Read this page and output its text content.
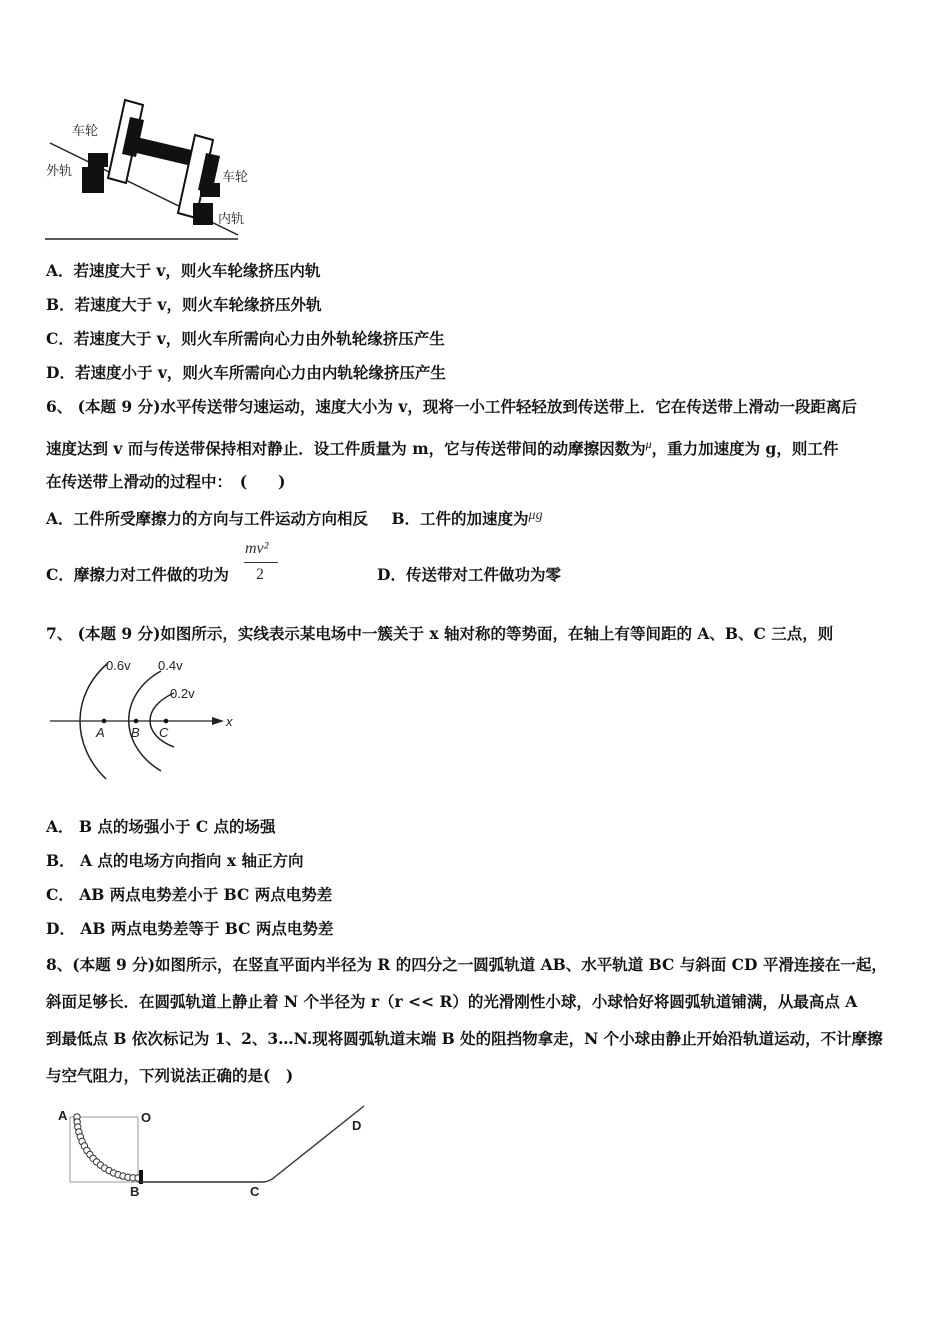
车轮
外轨	车轮
内轨
A．若速度大于 v，则火车轮缘挤压内轨
B．若速度大于 v，则火车轮缘挤压外轨
C．若速度大于 v，则火车所需向心力由外轨轮缘挤压产生
D．若速度小于 v，则火车所需向心力由内轨轮缘挤压产生
6、 (本题 9 分)水平传送带匀速运动，速度大小为 v，现将一小工件轻轻放到传送带上．它在传送带上滑动一段距离后
速度达到 v 而与传送带保持相对静止．设工件质量为 m，它与传送带间的动摩擦因数为$^\mu$，重力加速度为 g，则工件
在传送带上滑动的过程中：　(　　)
A．工件所受摩擦力的方向与工件运动方向相反 B．工件的加速度为μg
C．摩擦力对工件做的功为
mv²
2	D．传送带对工件做功为零
7、 (本题 9 分)如图所示，实线表示某电场中一簇关于 x 轴对称的等势面，在轴上有等间距的 A、B、C 三点，则
0.6v 0.4v
0.2v
A B C
x
A． B 点的场强小于 C 点的场强
B． A 点的电场方向指向 x 轴正方向
C． AB 两点电势差小于 BC 两点电势差
D． AB 两点电势差等于 BC 两点电势差
8、(本题 9 分)如图所示，在竖直平面内半径为 R 的四分之一圆弧轨道 AB、水平轨道 BC 与斜面 CD 平滑连接在一起，
斜面足够长．在圆弧轨道上静止着 N 个半径为 r（r << R）的光滑刚性小球，小球恰好将圆弧轨道铺满，从最高点 A
到最低点 B 依次标记为 1、2、3…N.现将圆弧轨道末端 B 处的阻挡物拿走，N 个小球由静止开始沿轨道运动，不计摩擦
与空气阻力，下列说法正确的是(　)
A	O
B	C
D
